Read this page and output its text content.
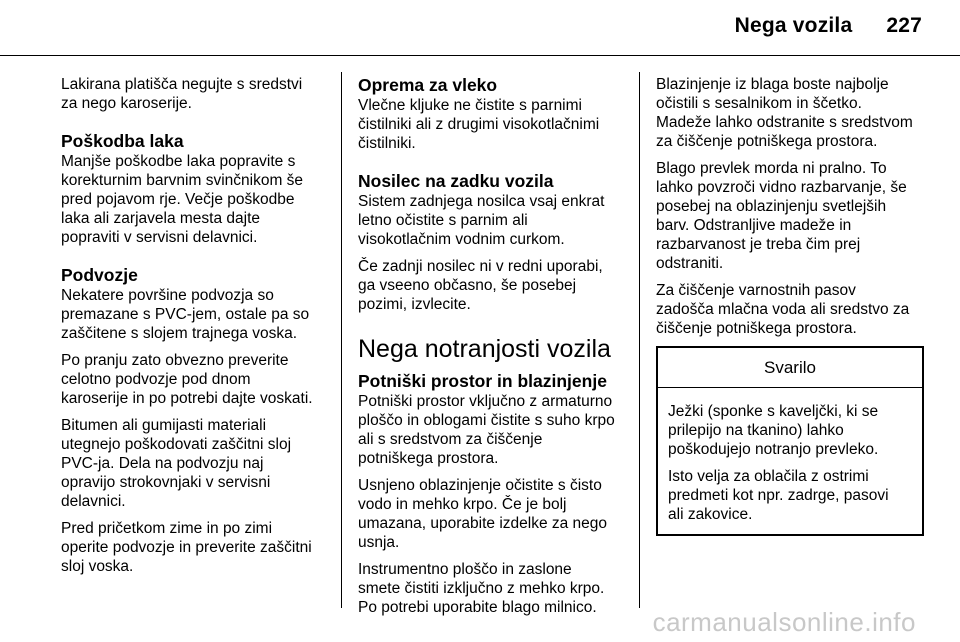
Nega vozila 227

Lakirana platišča negujte s sredstvi
za nego karoserije.

Poškodba laka

Manjše poškodbe laka popravite s
korekturnim barvnim svinčnikom še
pred pojavom rje. Večje poškodbe
laka ali zarjavela mesta dajte
popraviti v servisni delavnici.

Podvozje

Nekatere površine podvozja so
premazane s PVC-jem, ostale pa so
zaščitene s slojem trajnega voska.

Po pranju zato obvezno preverite
celotno podvozje pod dnom
karoserije in po potrebi dajte voskati.

Bitumen ali gumijasti materiali
utegnejo poškodovati zaščitni sloj
PVC-ja. Dela na podvozju naj
opravijo strokovnjaki v servisni
delavnici.

Pred pričetkom zime in po zimi
operite podvozje in preverite zaščitni
sloj voska.

Oprema za vleko

Vlečne kljuke ne čistite s parnimi
čistilniki ali z drugimi visokotlačnimi
čistilniki.

Nosilec na zadku vozila

Sistem zadnjega nosilca vsaj enkrat
letno očistite s parnim ali
visokotlačnim vodnim curkom.

Če zadnji nosilec ni v redni uporabi,
ga vseeno občasno, še posebej
pozimi, izvlecite.

Nega notranjosti vozila
Potniški prostor in blazinjenje

Potniški prostor vključno z armaturno
ploščo in oblogami čistite s suho krpo
ali s sredstvom za čiščenje
potniškega prostora.

Usnjeno oblazinjenje očistite s čisto
vodo in mehko krpo. Če je bolj
umazana, uporabite izdelke za nego
usnja.

Instrumentno ploščo in zaslone
smete čistiti izključno z mehko krpo.
Po potrebi uporabite blago milnico.

Blazinjenje iz blaga boste najbolje
očistili s sesalnikom in ščetko.
Madeže lahko odstranite s sredstvom
za čiščenje potniškega prostora.

Blago prevlek morda ni pralno. To
lahko povzroči vidno razbarvanje, še
posebej na oblazinjenju svetlejših
barv. Odstranljive madeže in
razbarvanost je treba čim prej
odstraniti.

Za čiščenje varnostnih pasov
zadošča mlačna voda ali sredstvo za
čiščenje potniškega prostora.

Svarilo

Ježki (sponke s kaveljčki, ki se
prilepijo na tkanino) lahko
poškodujejo notranjo prevleko.

Isto velja za oblačila z ostrimi
predmeti kot npr. zadrge, pasovi
ali zakovice.

carmanualsonline.info
